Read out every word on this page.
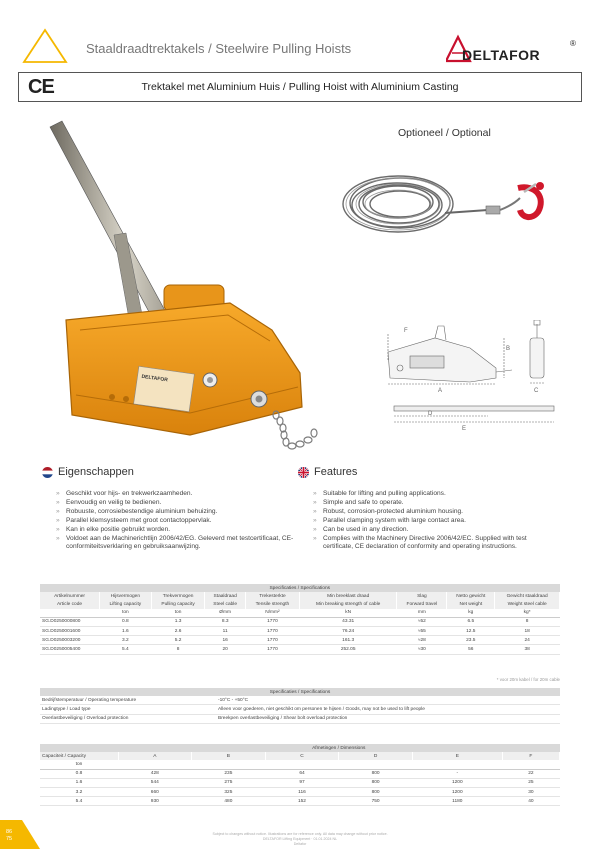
Staaldraadtrektakels / Steelwire Pulling Hoists	DELTAFOR
®
CE	Trektakel met Aluminium Huis / Pulling Hoist with Aluminium Casting
DELTAFOR
Optioneel / Optional
F
B
A	C
D
E
Eigenschappen	Features
» Geschikt voor hijs- en trekwerkzaamheden.
» Eenvoudig en veilig te bedienen.
» Robuuste, corrosiebestendige aluminium behuizing.
» Parallel klemsysteem met groot contactoppervlak.
» Kan in elke positie gebruikt worden.
» Voldoet aan de Machinerichtlijn 2006/42/EG. Geleverd met testcertificaat, CE-conformiteitsverklaring en gebruiksaanwijzing.
» Suitable for lifting and pulling applications.
» Simple and safe to operate.
» Robust, corrosion-protected aluminium housing.
» Parallel clamping system with large contact area.
» Can be used in any direction.
» Complies with the Machinery Directive 2006/42/EC. Supplied with test certificate, CE declaration of conformity and operating instructions.
Specificaties / Specifications								
Artikelnummer	Hijsvermogen	Trekvermogen	Staaldraad	Trekesterkte	Min breeklast draad	Slag	Netto gewicht	Gewicht staaldraad
Article code	Lifting capacity	Pulling capacity	Steel cable	Tensile strength	Min breaking strength of cable	Forward travel	Net weight	Weight steel cable
	ton	ton	Ømm	N/mm²	kN	mm	kg	kg*
SG.D0250000800	0.8	1.3	8.3	1770	43.31	≈52	6.5	8
SG.D0250001600	1.6	2.6	11	1770	76.24	≈55	12.5	18
SG.D0250003200	3.2	5.2	16	1770	161.3	≈28	23.5	24
SG.D0250005400	5.4	8	20	1770	252.05	≈30	56	38
* voor 20m kabel / for 20m cable
Specificaties / Specifications	
Bedrijfstemperatuur / Operating temperature	-10°C - +50°C
Ladingtype / Load type	Alleen voor goederen, niet geschikt om personen te hijsen / Goods, may not be used to lift people
Overlastbeveiliging / Overload protection	Breekpen overlastbeveiliging / Shear bolt overload protection
	Afmetingen / Dimensions					
Capaciteit / Capacity	A	B	C	D	E	F
ton						
0.8	428	235	64	800	-	22
1.6	544	275	97	800	1200	25
3.2	660	325	116	800	1200	30
5.4	930	480	152	750	1180	40
86
75
Subject to changes without notice. Illustrations are for reference only. All data may change without prior notice.
DELTAFOR Lifting Equipment · 01.01.2024 NL
Deltafor
